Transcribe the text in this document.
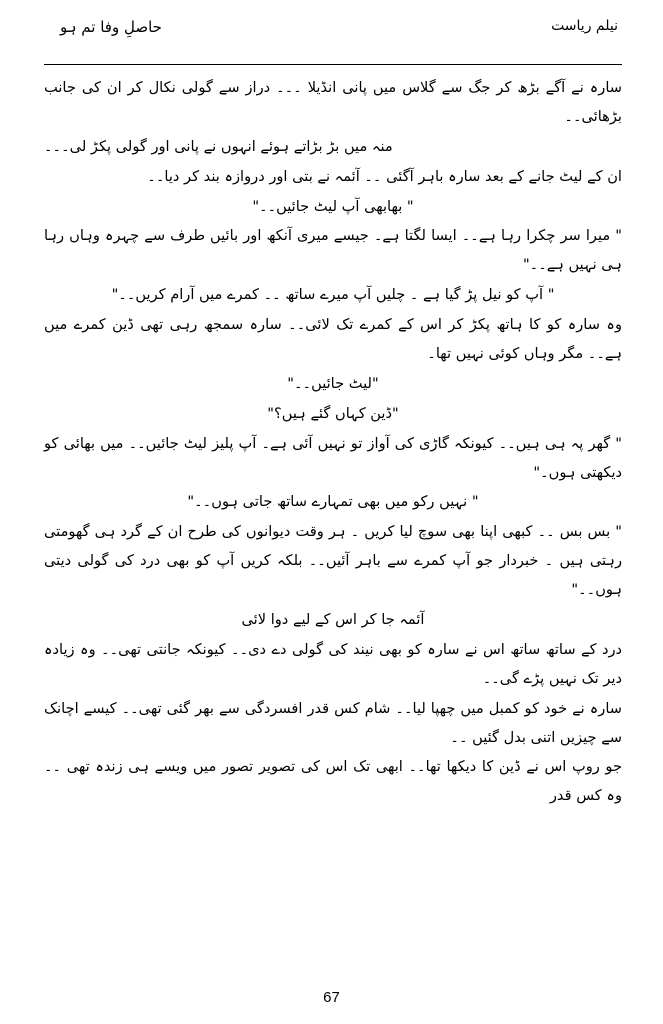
حاصلِ وفا تم ہو	نیلم ریاست

سارہ نے آگے بڑھ کر جگ سے گلاس میں پانی انڈیلا ۔۔۔ دراز سے گولی نکال کر ان کی جانب بڑھائی۔۔

منہ میں بڑ بڑاتے ہوئے انہوں نے پانی اور گولی پکڑ لی۔۔۔

ان کے لیٹ جانے کے بعد سارہ باہر آگئی ۔۔ آئمہ نے بتی اور دروازہ بند کر دیا۔۔

" بھابھی آپ لیٹ جائیں۔۔"

" میرا سر چکرا رہا ہے۔۔ ایسا لگتا ہے۔ جیسے میری آنکھ اور بائیں طرف سے چہرہ وہاں رہا ہی نہیں ہے۔۔"

" آپ کو نیل پڑ گیا ہے ۔ چلیں آپ میرے ساتھ ۔۔ کمرے میں آرام کریں۔۔"

وہ سارہ کو کا ہاتھ پکڑ کر اس کے کمرے تک لائی۔۔ سارہ سمجھ رہی تھی ڈین کمرے میں ہے۔۔ مگر وہاں کوئی نہیں تھا۔

"لیٹ جائیں۔۔"

"ڈین کہاں گئے ہیں؟"

" گھر پہ ہی ہیں۔۔ کیونکہ گاڑی کی آواز تو نہیں آئی ہے۔ آپ پلیز لیٹ جائیں۔۔ میں بھائی کو دیکھتی ہوں۔"

" نہیں رکو میں بھی تمہارے ساتھ جاتی ہوں۔۔"

" بس بس ۔۔ کبھی اپنا بھی سوچ لیا کریں ۔ ہر وقت دیوانوں کی طرح ان کے گرد ہی گھومتی رہتی ہیں ۔ خبردار جو آپ کمرے سے باہر آئیں۔۔ بلکہ کریں آپ کو بھی درد کی گولی دیتی ہوں۔۔"

آئمہ جا کر اس کے لیے دوا لائی

درد کے ساتھ ساتھ اس نے سارہ کو بھی نیند کی گولی دے دی۔۔ کیونکہ جانتی تھی۔۔ وہ زیادہ دیر تک نہیں پڑے گی۔۔

سارہ نے خود کو کمبل میں چھپا لیا۔۔ شام کس قدر افسردگی سے بھر گئی تھی۔۔ کیسے اچانک سے چیزیں اتنی بدل گئیں ۔۔

جو روپ اس نے ڈین کا دیکھا تھا۔۔ ابھی تک اس کی تصویر تصور میں ویسے ہی زندہ تھی ۔۔ وہ کس قدر

67
